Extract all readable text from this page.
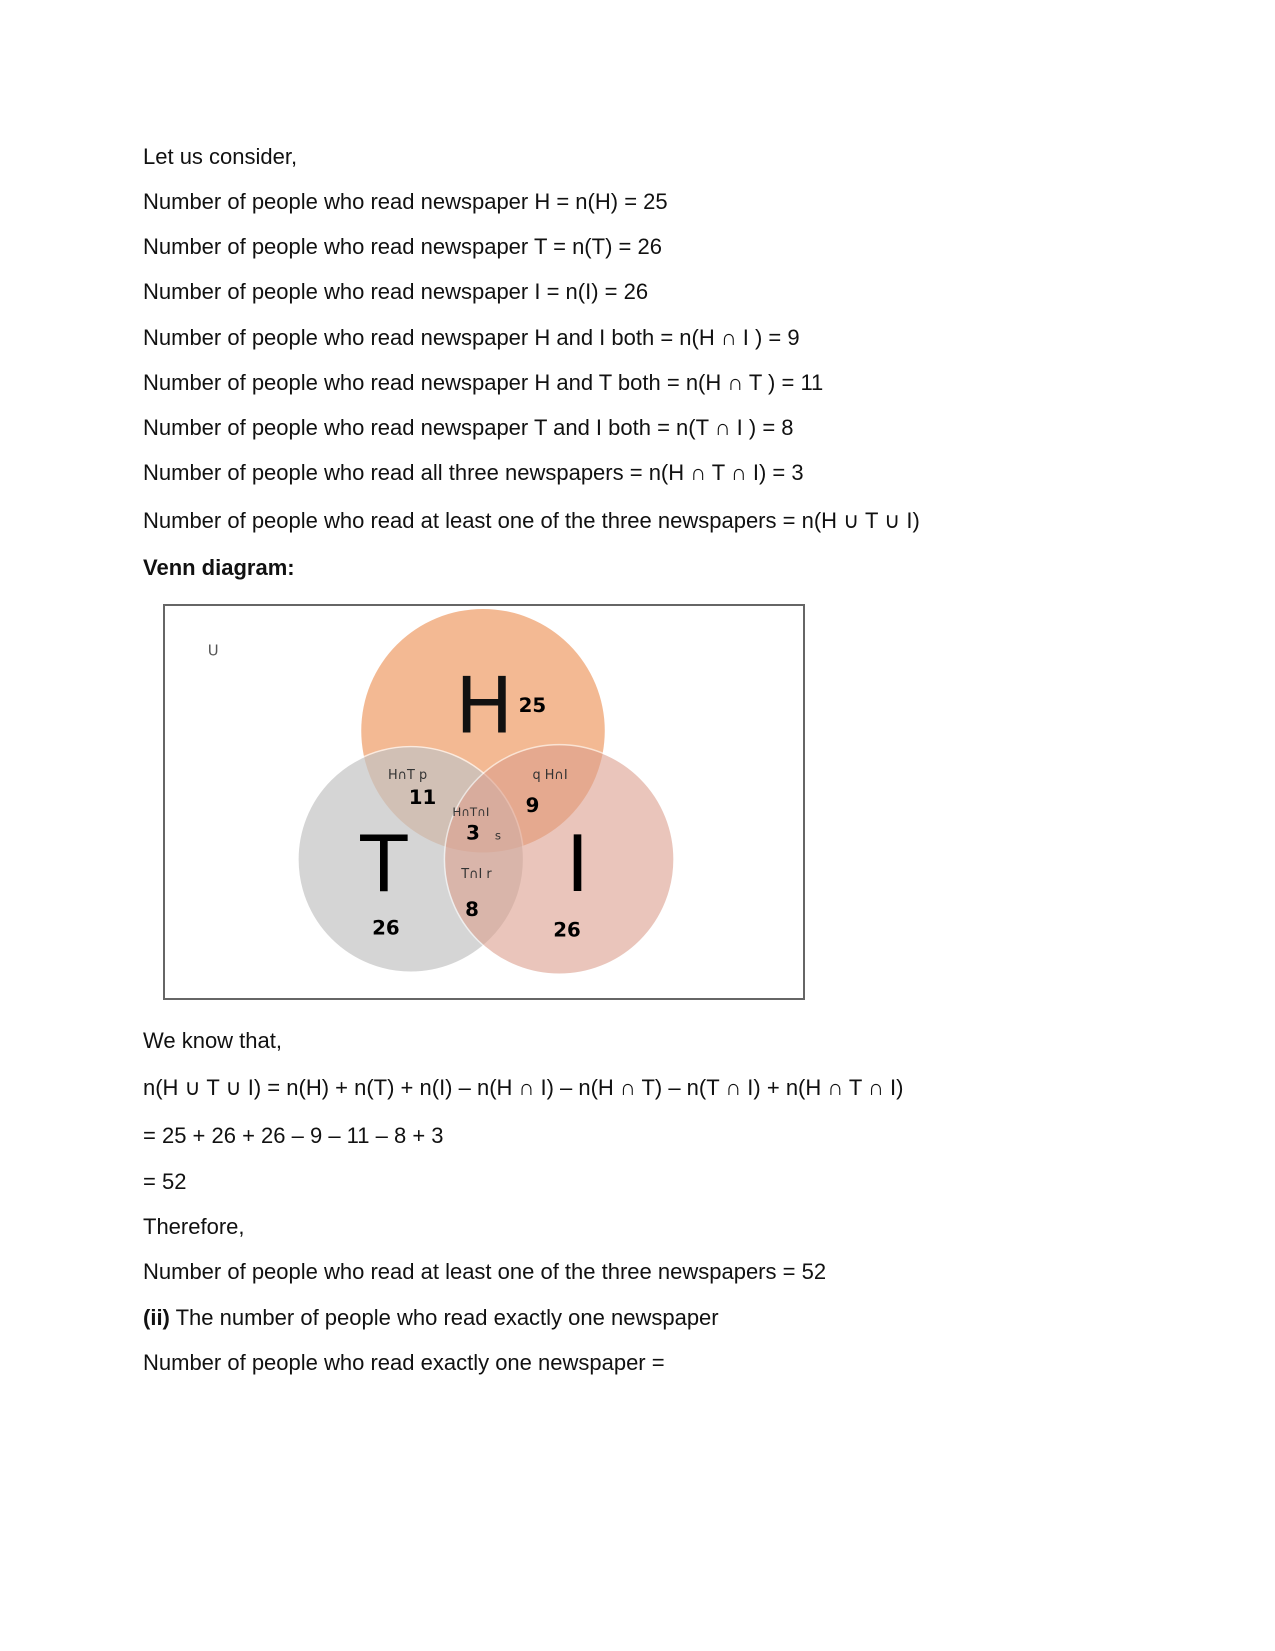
Let us consider,
Number of people who read newspaper H = n(H) = 25
Number of people who read newspaper T = n(T) = 26
Number of people who read newspaper I = n(I) = 26
Number of people who read newspaper H and I both = n(H ∩ I ) = 9
Number of people who read newspaper H and T both = n(H ∩ T ) = 11
Number of people who read newspaper T and I both = n(T ∩ I ) = 8
Number of people who read all three newspapers = n(H ∩ T ∩ I) = 3
Number of people who read at least one of the three newspapers = n(H ∪ T ∪ I)
Venn diagram:
U
H 25
T
26
I
26
H∩T p
11
q H∩I
9
H∩T∩I
3 s
T∩I r
8
We know that,
n(H ∪ T ∪ I) = n(H) + n(T) + n(I) – n(H ∩ I) – n(H ∩ T) – n(T ∩ I) + n(H ∩ T ∩ I)
= 25 + 26 + 26 – 9 – 11 – 8 + 3
= 52
Therefore,
Number of people who read at least one of the three newspapers = 52
(ii) The number of people who read exactly one newspaper
Number of people who read exactly one newspaper =
